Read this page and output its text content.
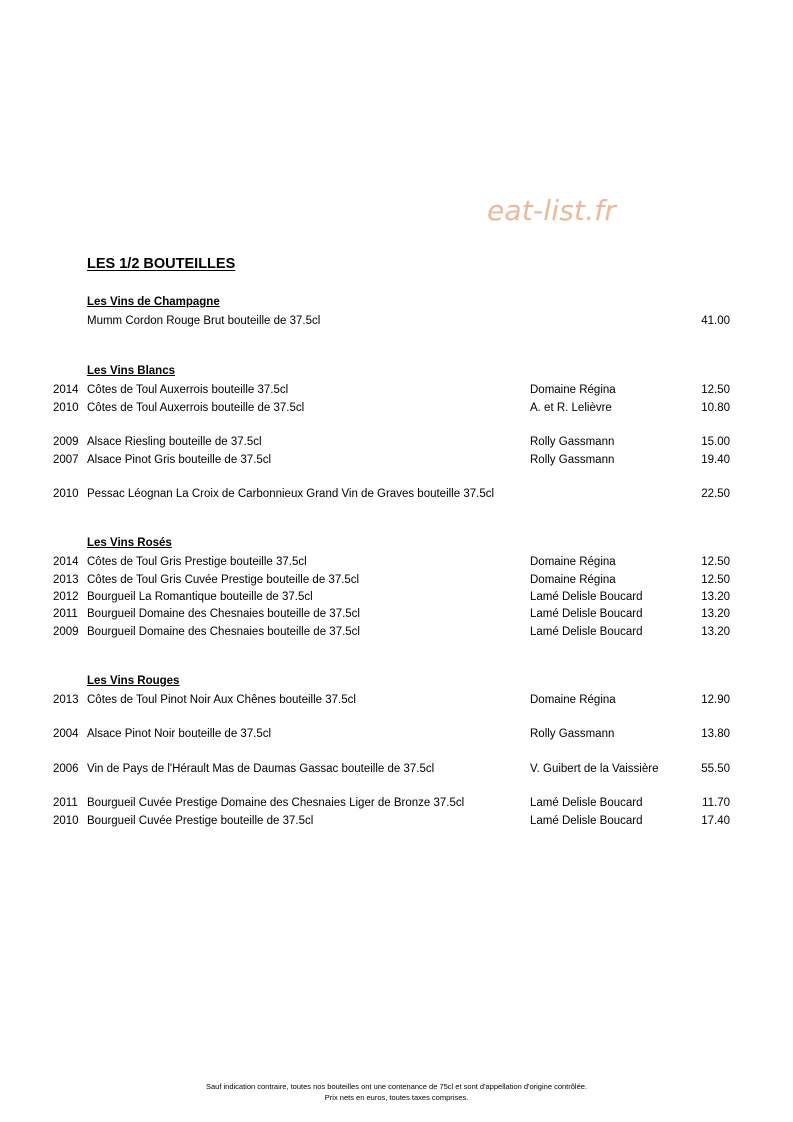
eat-list.fr
LES 1/2 BOUTEILLES
Les Vins de Champagne
Mumm Cordon Rouge Brut bouteille de 37.5cl	41.00
Les Vins Blancs
2014 Côtes de Toul Auxerrois bouteille 37.5cl	Domaine Régina	12.50
2010 Côtes de Toul Auxerrois bouteille de 37.5cl	A. et R. Lelièvre	10.80
2009 Alsace Riesling bouteille de 37.5cl	Rolly Gassmann	15.00
2007 Alsace Pinot Gris bouteille de 37.5cl	Rolly Gassmann	19.40
2010 Pessac Léognan La Croix de Carbonnieux Grand Vin de Graves bouteille 37.5cl	22.50
Les Vins Rosés
2014 Côtes de Toul Gris Prestige bouteille 37.5cl	Domaine Régina	12.50
2013 Côtes de Toul Gris Cuvée Prestige bouteille de 37.5cl	Domaine Régina	12.50
2012 Bourgueil La Romantique bouteille de 37.5cl	Lamé Delisle Boucard	13.20
2011 Bourgueil Domaine des Chesnaies bouteille de 37.5cl	Lamé Delisle Boucard	13.20
2009 Bourgueil Domaine des Chesnaies bouteille de 37.5cl	Lamé Delisle Boucard	13.20
Les Vins Rouges
2013 Côtes de Toul Pinot Noir Aux Chênes bouteille 37.5cl	Domaine Régina	12.90
2004 Alsace Pinot Noir bouteille de 37.5cl	Rolly Gassmann	13.80
2006 Vin de Pays de l'Hérault Mas de Daumas Gassac bouteille de 37.5cl	V. Guibert de la Vaissière	55.50
2011 Bourgueil Cuvée Prestige Domaine des Chesnaies Liger de Bronze 37.5cl	Lamé Delisle Boucard	11.70
2010 Bourgueil Cuvée Prestige bouteille de 37.5cl	Lamé Delisle Boucard	17.40
Sauf indication contraire, toutes nos bouteilles ont une contenance de 75cl et sont d'appellation d'origine contrôlée.
Prix nets en euros, toutes taxes comprises.
